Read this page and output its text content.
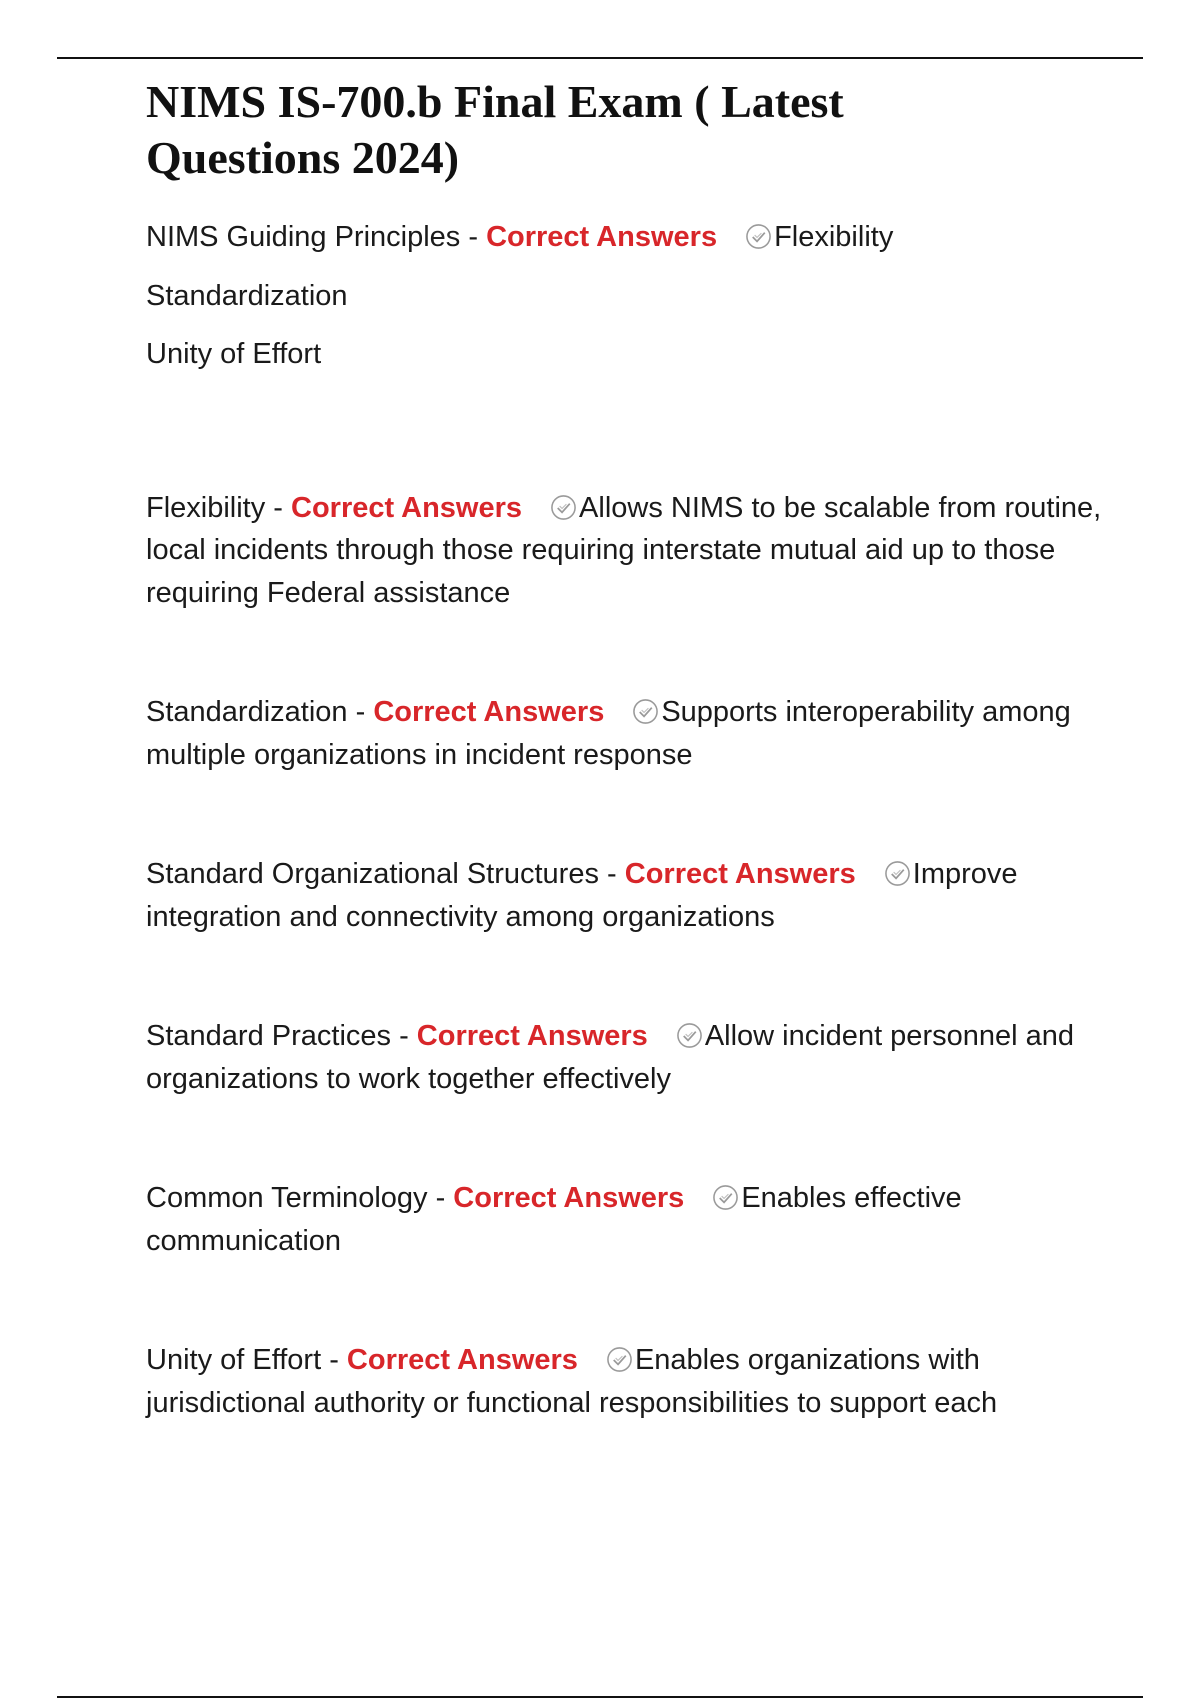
NIMS IS-700.b Final Exam ( Latest Questions 2024)

NIMS Guiding Principles - Correct Answers Flexibility

Standardization

Unity of Effort

Flexibility - Correct Answers Allows NIMS to be scalable from routine, local incidents through those requiring interstate mutual aid up to those requiring Federal assistance

Standardization - Correct Answers Supports interoperability among multiple organizations in incident response

Standard Organizational Structures - Correct Answers Improve integration and connectivity among organizations

Standard Practices - Correct Answers Allow incident personnel and organizations to work together effectively

Common Terminology - Correct Answers Enables effective communication

Unity of Effort - Correct Answers Enables organizations with jurisdictional authority or functional responsibilities to support each
